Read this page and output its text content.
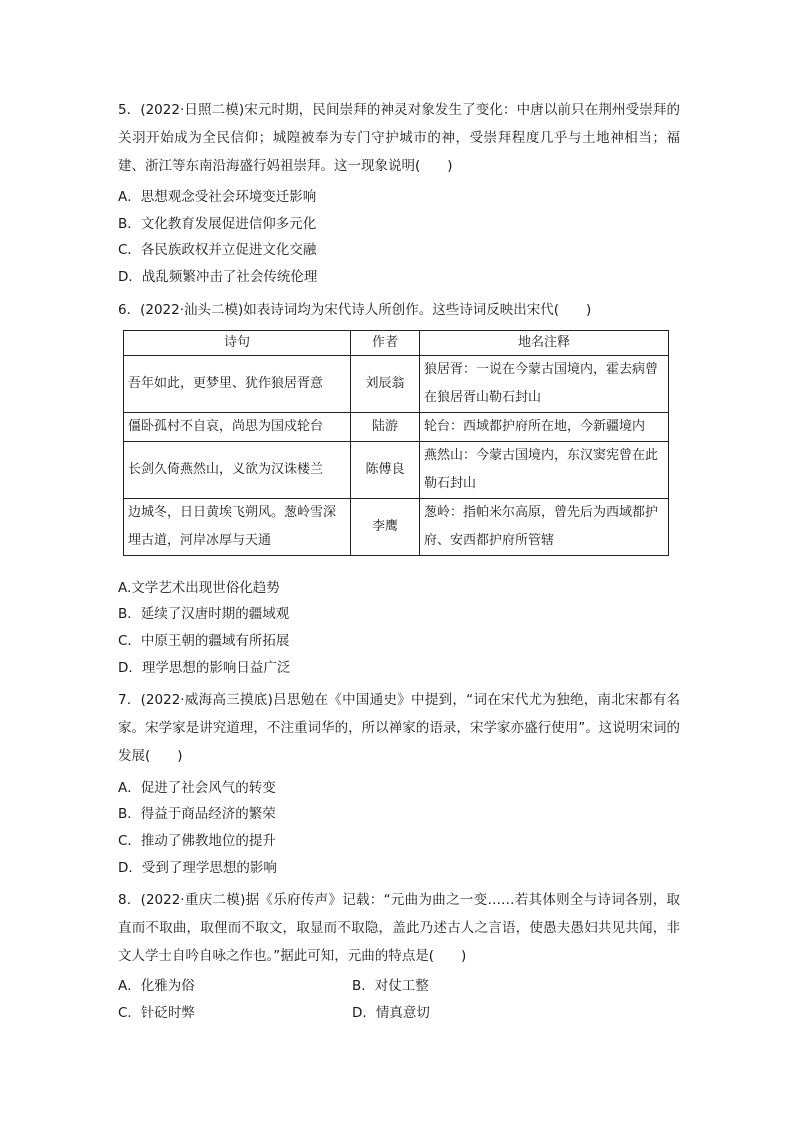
5．(2022·日照二模)宋元时期，民间崇拜的神灵对象发生了变化：中唐以前只在荆州受崇拜的关羽开始成为全民信仰；城隍被奉为专门守护城市的神，受崇拜程度几乎与土地神相当；福建、浙江等东南沿海盛行妈祖崇拜。这一现象说明(　　)
A．思想观念受社会环境变迁影响
B．文化教育发展促进信仰多元化
C．各民族政权并立促进文化交融
D．战乱频繁冲击了社会传统伦理
6．(2022·汕头二模)如表诗词均为宋代诗人所创作。这些诗词反映出宋代(　　)
诗句	作者	地名注释
吾年如此，更梦里、犹作狼居胥意	刘辰翁	狼居胥：一说在今蒙古国境内，霍去病曾在狼居胥山勒石封山
僵卧孤村不自哀，尚思为国戍轮台	陆游	轮台：西域都护府所在地，今新疆境内
长剑久倚燕然山，义欲为汉诛楼兰	陈傅良	燕然山：今蒙古国境内，东汉窦宪曾在此勒石封山
边城冬，日日黄埃飞朔风。葱岭雪深埋古道，河岸冰厚与天通	李鹰	葱岭：指帕米尔高原，曾先后为西域都护府、安西都护府所管辖
A.文学艺术出现世俗化趋势
B．延续了汉唐时期的疆域观
C．中原王朝的疆域有所拓展
D．理学思想的影响日益广泛
7．(2022·威海高三摸底)吕思勉在《中国通史》中提到，“词在宋代尤为独绝，南北宋都有名家。宋学家是讲究道理，不注重词华的，所以禅家的语录，宋学家亦盛行使用”。这说明宋词的发展(　　)
A．促进了社会风气的转变
B．得益于商品经济的繁荣
C．推动了佛教地位的提升
D．受到了理学思想的影响
8．(2022·重庆二模)据《乐府传声》记载：“元曲为曲之一变……若其体则全与诗词各别，取直而不取曲，取俚而不取文，取显而不取隐，盖此乃述古人之言语，使愚夫愚妇共见共闻，非文人学士自吟自咏之作也。”据此可知，元曲的特点是(　　)
A．化雅为俗	B．对仗工整
C．针砭时弊	D．情真意切
